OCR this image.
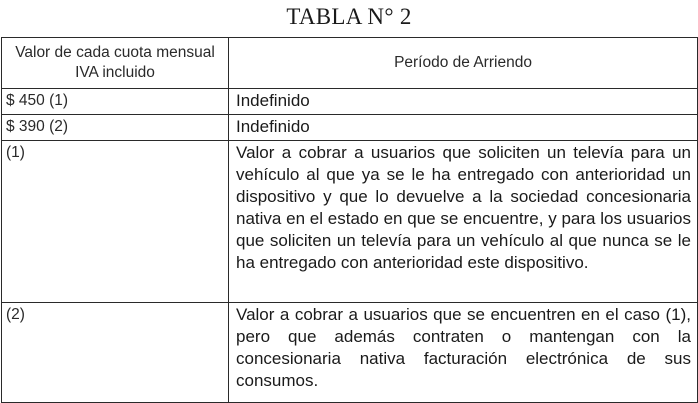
TABLA N° 2
Valor de cada cuota mensual IVA incluido	Período de Arriendo
$ 450 (1)	Indefinido
$ 390 (2)	Indefinido
(1)	Valor a cobrar a usuarios que soliciten un televía para un vehículo al que ya se le ha entregado con anterioridad un dispositivo y que lo devuelve a la sociedad concesionaria nativa en el estado en que se encuentre, y para los usuarios que soliciten un televía para un vehículo al que nunca se le ha entregado con anterioridad este dispositivo.
(2)	Valor a cobrar a usuarios que se encuentren en el caso (1), pero que además contraten o mantengan con la concesionaria nativa facturación electrónica de sus consumos.
